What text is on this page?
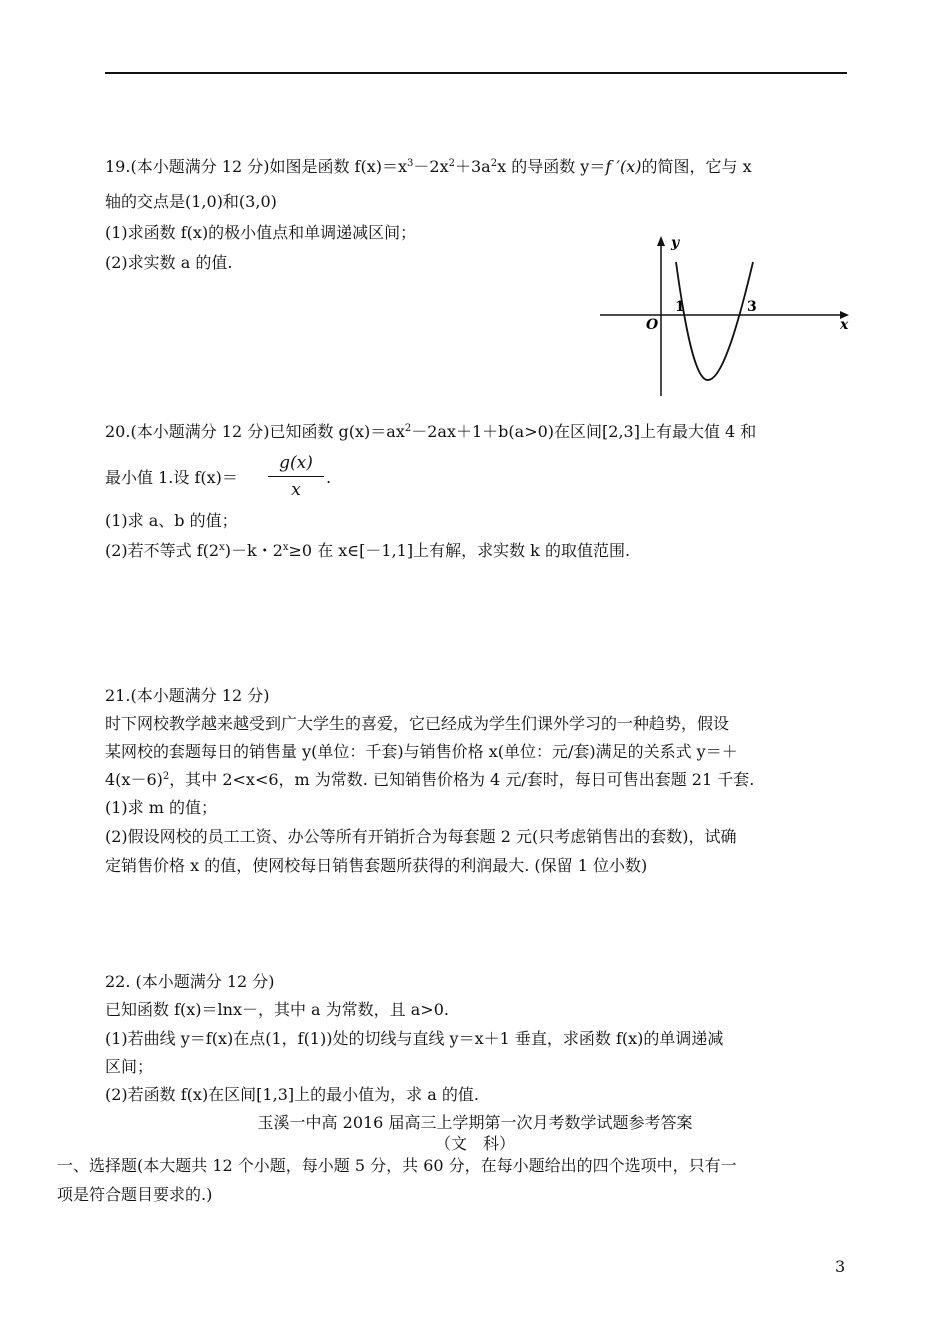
19.(本小题满分 12 分)如图是函数 $f(x)=x^3-2x^2+3a^2x$ 的导函数 y＝f ′(x)的简图，它与 x
轴的交点是(1,0)和(3,0)
(1)求函数 f(x)的极小值点和单调递减区间；
(2)求实数 a 的值.
y
x
O
1	3
20.(本小题满分 12 分)已知函数 $g(x)=ax^2-2ax+1+b(a>0)$在区间[2,3]上有最大值 4 和
最小值 1.设 f(x)＝
g(x)
x
.
(1)求 a、b 的值；
(2)若不等式 $f(2^x)-k$・$2^x\ge 0$ 在 x∈[－1,1]上有解，求实数 k 的取值范围.
21.(本小题满分 12 分)
时下网校教学越来越受到广大学生的喜爱，它已经成为学生们课外学习的一种趋势，假设
某网校的套题每日的销售量 y(单位：千套)与销售价格 x(单位：元/套)满足的关系式 y＝＋
$4(x-6)^2$，其中 2<x<6，m 为常数. 已知销售价格为 4 元/套时，每日可售出套题 21 千套.
(1)求 m 的值；
(2)假设网校的员工工资、办公等所有开销折合为每套题 2 元(只考虑销售出的套数)，试确
定销售价格 x 的值，使网校每日销售套题所获得的利润最大. (保留 1 位小数)
22. (本小题满分 12 分)
已知函数 f(x)＝lnx－，其中 a 为常数，且 a>0.
(1)若曲线 y＝f(x)在点(1，f(1))处的切线与直线 y＝x＋1 垂直，求函数 f(x)的单调递减
区间；
(2)若函数 f(x)在区间[1,3]上的最小值为，求 a 的值.
玉溪一中高 2016 届高三上学期第一次月考数学试题参考答案
（文　科）
一、选择题(本大题共 12 个小题，每小题 5 分，共 60 分，在每小题给出的四个选项中，只有一
项是符合题目要求的.)
3
